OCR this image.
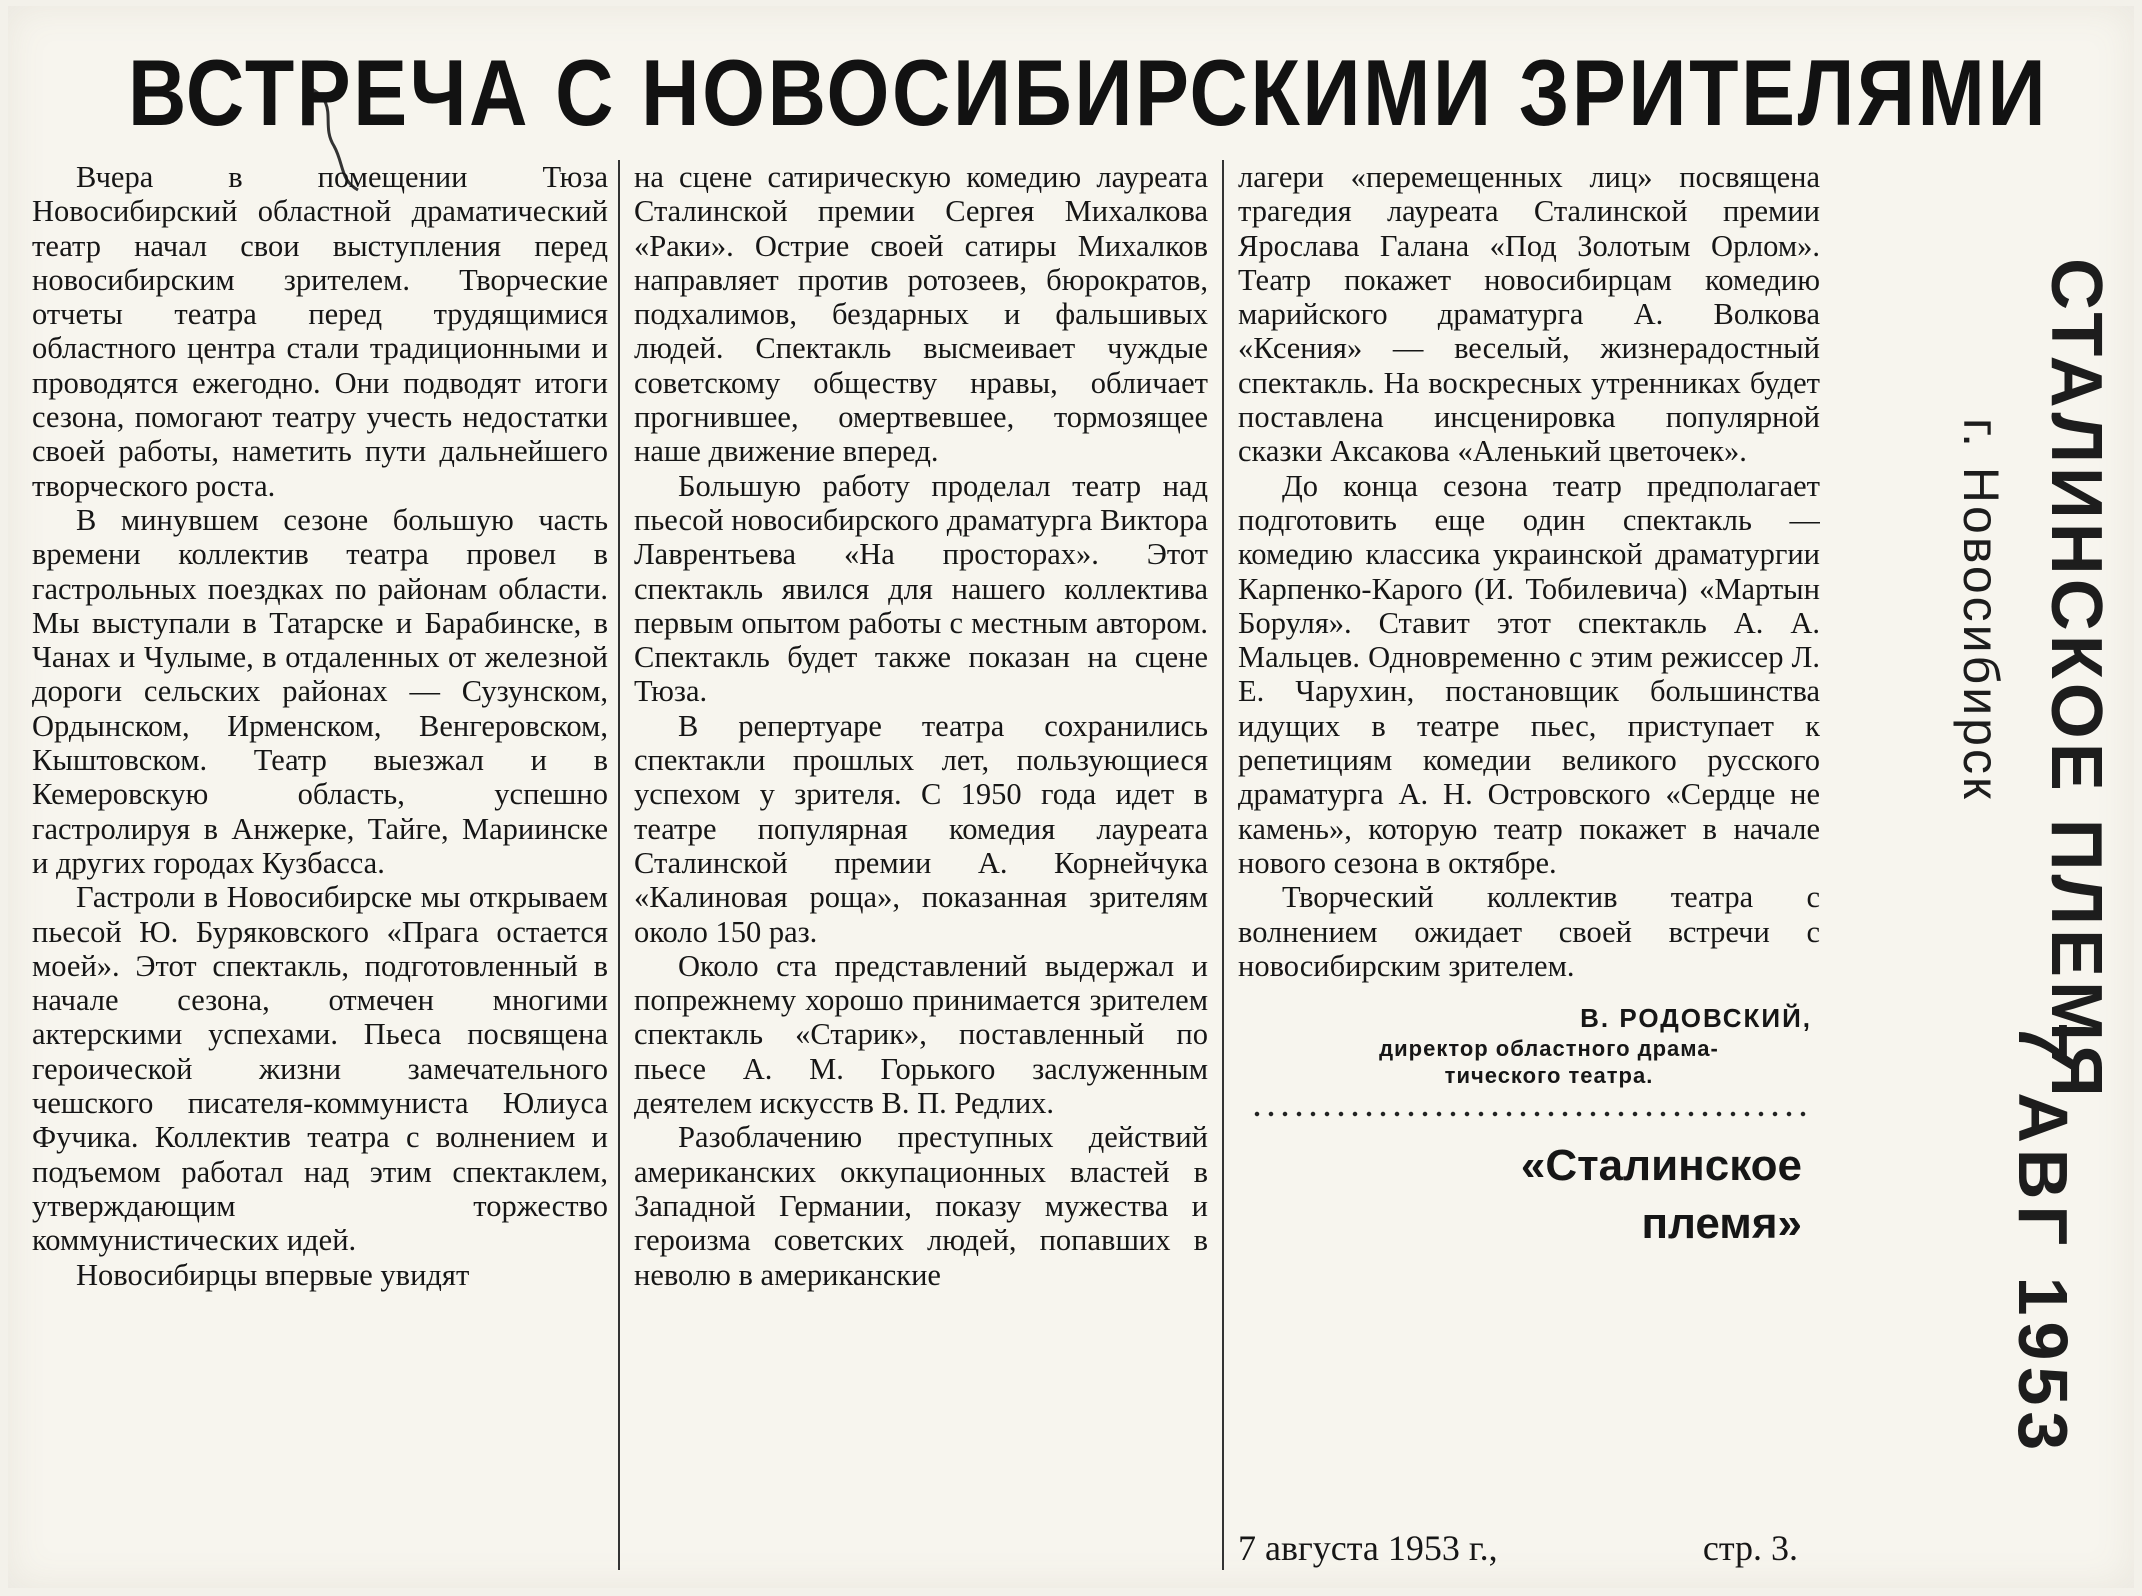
ВСТРЕЧА С НОВОСИБИРСКИМИ ЗРИТЕЛЯМИ

Вчера в помещении Тюза Новосибирский областной драматический театр начал свои выступления перед новосибирским зрителем. Творческие отчеты театра перед трудящимися областного центра стали традиционными и проводятся ежегодно. Они подводят итоги сезона, помогают театру учесть недостатки своей работы, наметить пути дальнейшего творческого роста.

В минувшем сезоне большую часть времени коллектив театра провел в гастрольных поездках по районам области. Мы выступали в Татарске и Барабинске, в Чанах и Чулыме, в отдаленных от железной дороги сельских районах — Сузунском, Ордынском, Ирменском, Венгеровском, Кыштовском. Театр выезжал и в Кемеровскую область, успешно гастролируя в Анжерке, Тайге, Мариинске и других городах Кузбасса.

Гастроли в Новосибирске мы открываем пьесой Ю. Буряковского «Прага остается моей». Этот спектакль, подготовленный в начале сезона, отмечен многими актерскими успехами. Пьеса посвящена героической жизни замечательного чешского писателя-коммуниста Юлиуса Фучика. Коллектив театра с волнением и подъемом работал над этим спектаклем, утверждающим торжество коммунистических идей.

Новосибирцы впервые увидят

на сцене сатирическую комедию лауреата Сталинской премии Сергея Михалкова «Раки». Острие своей сатиры Михалков направляет против ротозеев, бюрократов, подхалимов, бездарных и фальшивых людей. Спектакль высмеивает чуждые советскому обществу нравы, обличает прогнившее, омертвевшее, тормозящее наше движение вперед.

Большую работу проделал театр над пьесой новосибирского драматурга Виктора Лаврентьева «На просторах». Этот спектакль явился для нашего коллектива первым опытом работы с местным автором. Спектакль будет также показан на сцене Тюза.

В репертуаре театра сохранились спектакли прошлых лет, пользующиеся успехом у зрителя. С 1950 года идет в театре популярная комедия лауреата Сталинской премии А. Корнейчука «Калиновая роща», показанная зрителям около 150 раз.

Около ста представлений выдержал и попрежнему хорошо принимается зрителем спектакль «Старик», поставленный по пьесе А. М. Горького заслуженным деятелем искусств В. П. Редлих.

Разоблачению преступных действий американских оккупационных властей в Западной Германии, показу мужества и героизма советских людей, попавших в неволю в американские

лагери «перемещенных лиц» посвящена трагедия лауреата Сталинской премии Ярослава Галана «Под Золотым Орлом». Театр покажет новосибирцам комедию марийского драматурга А. Волкова «Ксения» — веселый, жизнерадостный спектакль. На воскресных утренниках будет поставлена инсценировка популярной сказки Аксакова «Аленький цветочек».

До конца сезона театр предполагает подготовить еще один спектакль — комедию классика украинской драматургии Карпенко-Карого (И. Тобилевича) «Мартын Боруля». Ставит этот спектакль А. А. Мальцев. Одновременно с этим режиссер Л. Е. Чарухин, постановщик большинства идущих в театре пьес, приступает к репетициям комедии великого русского драматурга А. Н. Островского «Сердце не камень», которую театр покажет в начале нового сезона в октябре.

Творческий коллектив театра с волнением ожидает своей встречи с новосибирским зрителем.

В. РОДОВСКИЙ,
директор областного драма-
тического театра.
«Сталинское
племя»
7 августа 1953 г.,	стр. 3.
СТАЛИНСКОЕ ПЛЕМЯ
г. Новосибирск
7 АВГ 1953
